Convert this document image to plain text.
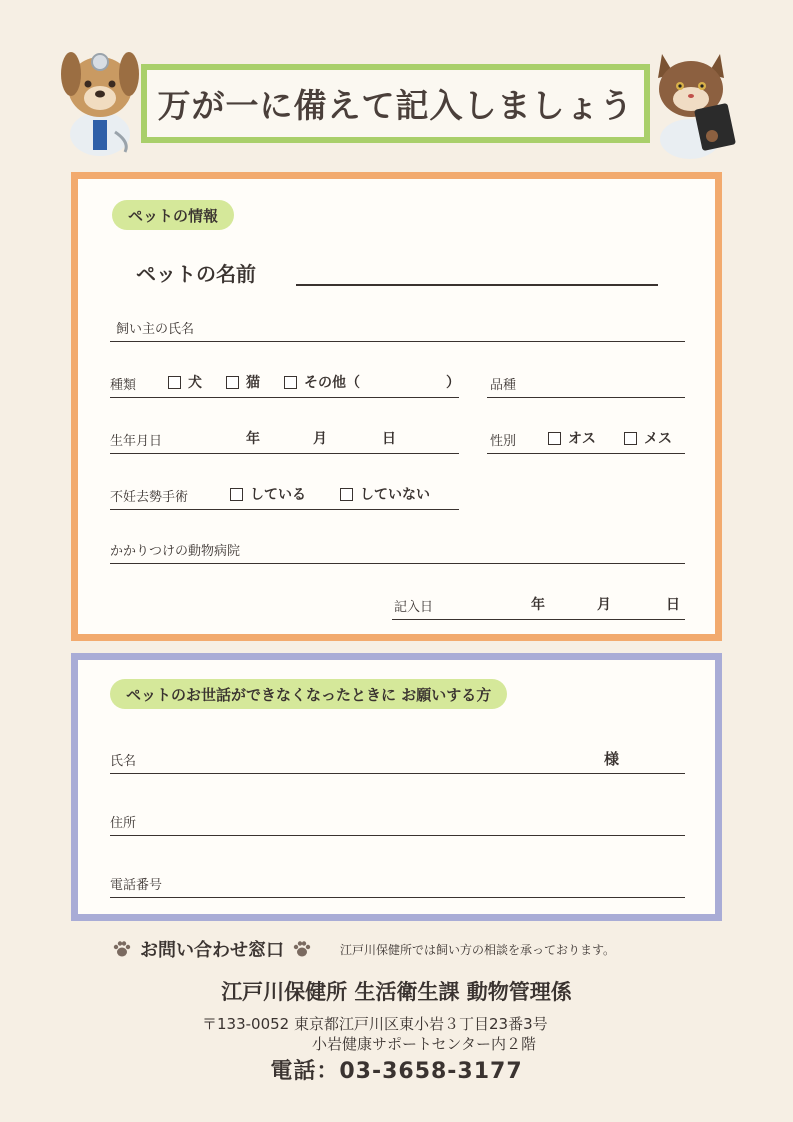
万が一に備えて記入しましょう
ペットの情報
ペットの名前
飼い主の氏名
種類	犬	猫	その他（	） 品種
生年月日	年	月	日	性別	オス	メス
不妊去勢手術	している	していない
かかりつけの動物病院
記入日	年	月	日
ペットのお世話ができなくなったときに お願いする方
氏名	様
住所
電話番号
お問い合わせ窓口	江戸川保健所では飼い方の相談を承っております。
江戸川保健所 生活衛生課 動物管理係
〒133-0052 東京都江戸川区東小岩３丁目23番3号
小岩健康サポートセンター内２階
電話：03-3658-3177
